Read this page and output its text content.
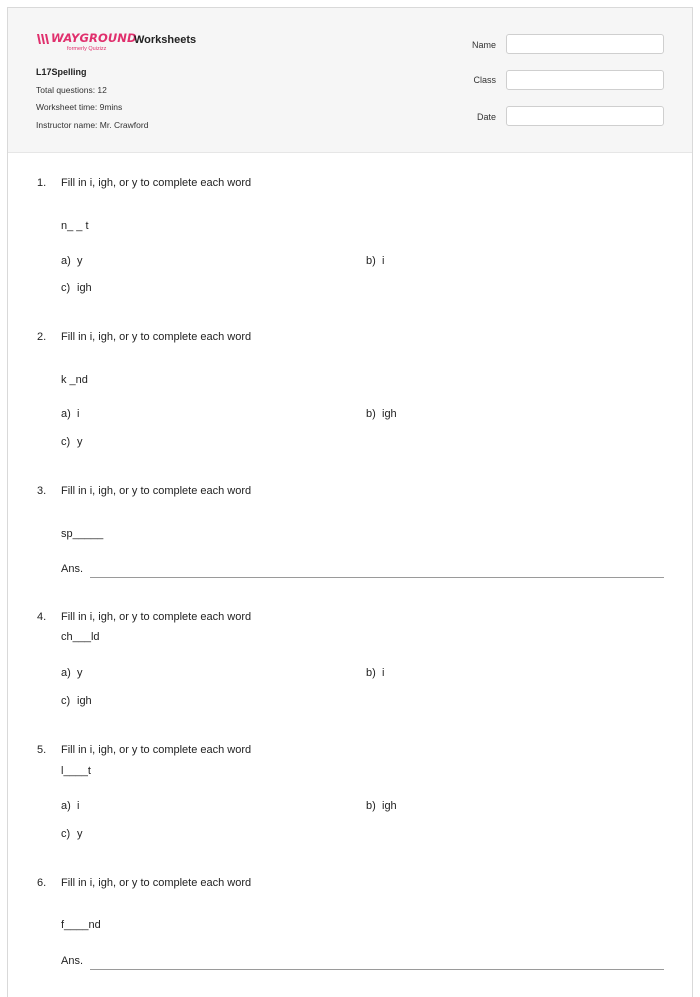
WAYGROUND
formerly Quizizz
Worksheets
L17Spelling
Total questions: 12
Worksheet time: 9mins
Instructor name: Mr. Crawford
Name
Class
Date
1. Fill in i, igh, or y to complete each word
n_ _ t
a) y	b) i
c) igh
2. Fill in i, igh, or y to complete each word
k _nd
a) i	b) igh
c) y
3. Fill in i, igh, or y to complete each word
sp_____
Ans.
4. Fill in i, igh, or y to complete each word
ch___ld
a) y	b) i
c) igh
5. Fill in i, igh, or y to complete each word
l____t
a) i	b) igh
c) y
6. Fill in i, igh, or y to complete each word
f____nd
Ans.
